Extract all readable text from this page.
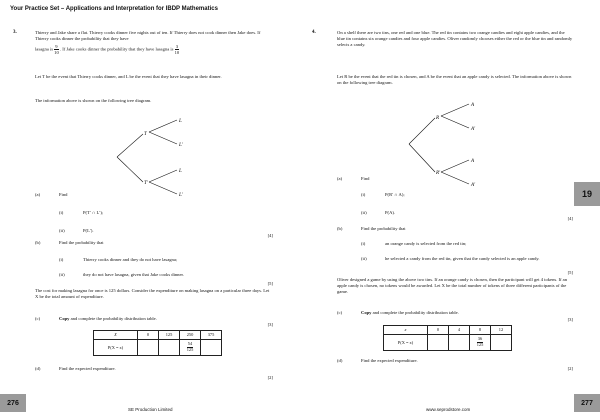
Your Practice Set – Applications and Interpretation for IBDP Mathematics
3.	Thierry and Jake share a flat. Thierry cooks dinner five nights out of ten. If Thierry does not cook dinner then Jake does. If Thierry cooks dinner the probability that they have
lasagna is $\frac{9}{10}$ . If Jake cooks dinner the probability that they have lasagna is $\frac{3}{10}$
Let T be the event that Thierry cooks dinner, and L be the event that they have lasagna in their dinner.
The information above is shown on the following tree diagram.
T
T′
L
L′
L
L′
(a)	Find
(i)	P(T′ ∩ L′);
(ii)	P(L′).
[4]
(b)	Find the probability that
(i)	Thierry cooks dinner and they do not have lasagna;
(ii)	they do not have lasagna, given that Jake cooks dinner.
[5]
The cost for making lasagna for once is 125 dollars. Consider the expenditure on making lasagna on a particular three days. Let X be the total amount of expenditure.
(c)	Copy and complete the probability distribution table.
[3]
X	0	125	250	375
P(X = x)			$\frac{54}{125}$

(d)	Find the expected expenditure.
[2]
4.	On a shelf there are two tins, one red and one blue. The red tin contains two orange candies and eight apple candies, and the blue tin contains six orange candies and four apple candies. Oliver randomly chooses either the red or the blue tin and randomly selects a candy.
Let R be the event that the red tin is chosen, and A be the event that an apple candy is selected. The information above is shown on the following tree diagram.
R
R′
A
A′
A
A′
(a)	Find
(i)	P(R′ ∩ A);
(ii)	P(A).
[4]
(b)	Find the probability that
(i)	an orange candy is selected from the red tin;
(ii)	he selected a candy from the red tin, given that the candy selected is an apple candy.
[5]
Oliver designed a game by using the above two tins. If an orange candy is chosen, then the participant will get 4 tokens. If an apple candy is chosen, no tokens would be awarded. Let X be the total number of tokens of three different participants of the game.
(c)	Copy and complete the probability distribution table.
[3]
x	0	4	8	12
P(X = x)			$\frac{36}{125}$

(d)	Find the expected expenditure.
[2]
19
276
SE Production Limited	www.seprodstore.com
277
